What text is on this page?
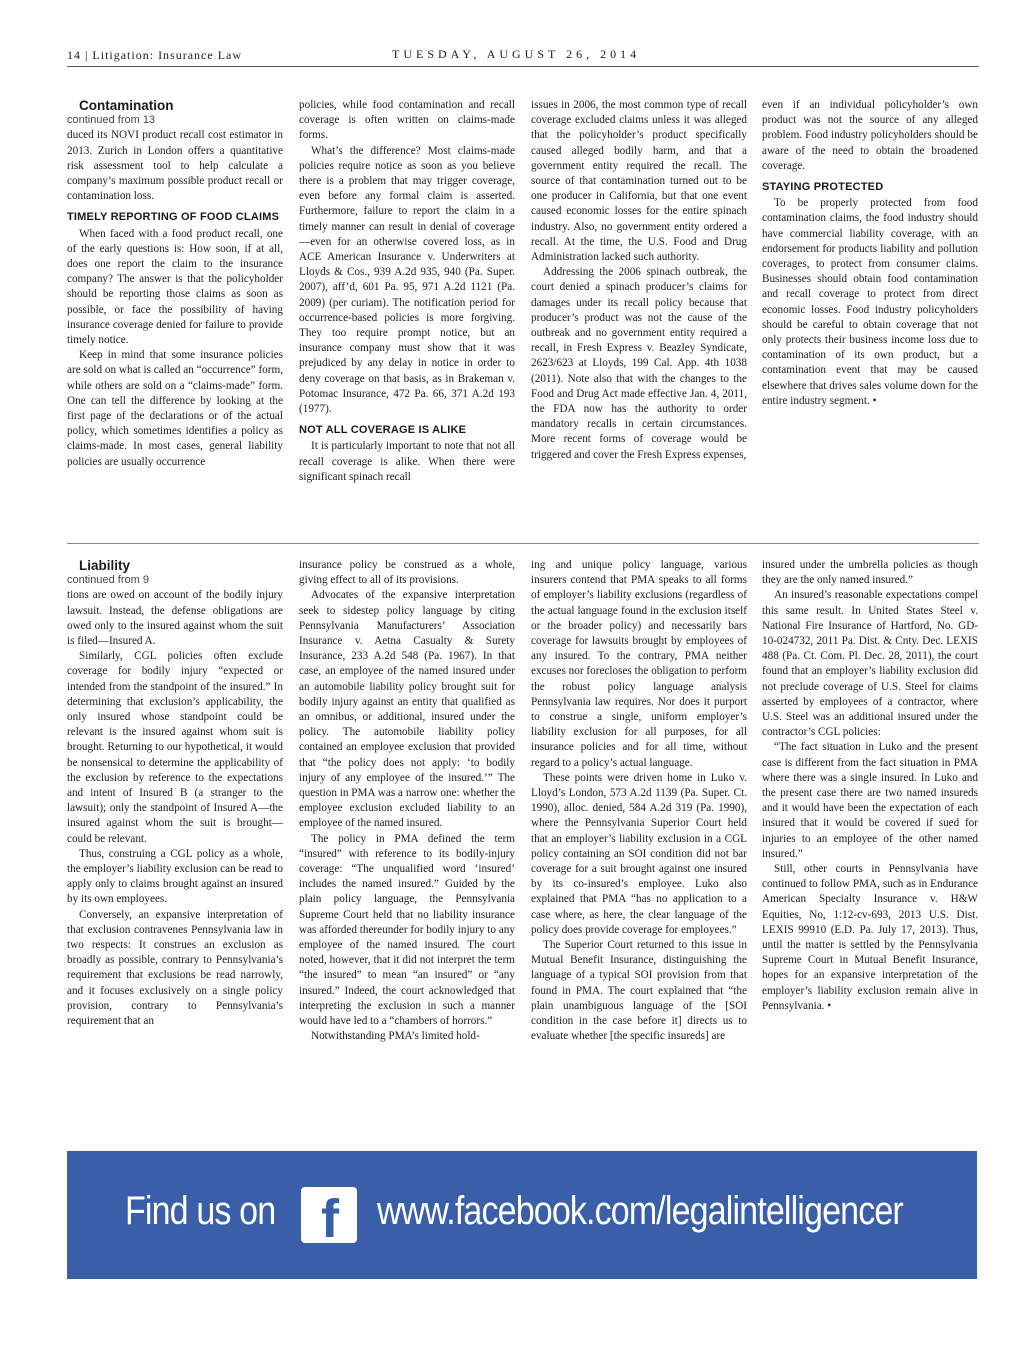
14 | Litigation: Insurance Law	TUESDAY, AUGUST 26, 2014

Contamination

continued from 13

duced its NOVI product recall cost estimator in 2013. Zurich in London offers a quantitative risk assessment tool to help calculate a company’s maximum possible product recall or contamination loss.

TIMELY REPORTING OF FOOD CLAIMS

When faced with a food product recall, one of the early questions is: How soon, if at all, does one report the claim to the insurance company? The answer is that the policyholder should be reporting those claims as soon as possible, or face the possibility of having insurance coverage denied for failure to provide timely notice.

Keep in mind that some insurance policies are sold on what is called an “occurrence” form, while others are sold on a “claims-made” form. One can tell the difference by looking at the first page of the declarations or of the actual policy, which sometimes identifies a policy as claims-made. In most cases, general liability policies are usually occurrence

policies, while food contamination and recall coverage is often written on claims-made forms.

What’s the difference? Most claims-made policies require notice as soon as you believe there is a problem that may trigger coverage, even before any formal claim is asserted. Furthermore, failure to report the claim in a timely manner can result in denial of coverage—even for an otherwise covered loss, as in ACE American Insurance v. Underwriters at Lloyds & Cos., 939 A.2d 935, 940 (Pa. Super. 2007), aff’d, 601 Pa. 95, 971 A.2d 1121 (Pa. 2009) (per curiam). The notification period for occurrence-based policies is more forgiving. They too require prompt notice, but an insurance company must show that it was prejudiced by any delay in notice in order to deny coverage on that basis, as in Brakeman v. Potomac Insurance, 472 Pa. 66, 371 A.2d 193 (1977).

NOT ALL COVERAGE IS ALIKE

It is particularly important to note that not all recall coverage is alike. When there were significant spinach recall

issues in 2006, the most common type of recall coverage excluded claims unless it was alleged that the policyholder’s product specifically caused alleged bodily harm, and that a government entity required the recall. The source of that contamination turned out to be one producer in California, but that one event caused economic losses for the entire spinach industry. Also, no government entity ordered a recall. At the time, the U.S. Food and Drug Administration lacked such authority.

Addressing the 2006 spinach outbreak, the court denied a spinach producer’s claims for damages under its recall policy because that producer’s product was not the cause of the outbreak and no government entity required a recall, in Fresh Express v. Beazley Syndicate, 2623/623 at Lloyds, 199 Cal. App. 4th 1038 (2011). Note also that with the changes to the Food and Drug Act made effective Jan. 4, 2011, the FDA now has the authority to order mandatory recalls in certain circumstances. More recent forms of coverage would be triggered and cover the Fresh Express expenses,

even if an individual policyholder’s own product was not the source of any alleged problem. Food industry policyholders should be aware of the need to obtain the broadened coverage.

STAYING PROTECTED

To be properly protected from food contamination claims, the food industry should have commercial liability coverage, with an endorsement for products liability and pollution coverages, to protect from consumer claims. Businesses should obtain food contamination and recall coverage to protect from direct economic losses. Food industry policyholders should be careful to obtain coverage that not only protects their business income loss due to contamination of its own product, but a contamination event that may be caused elsewhere that drives sales volume down for the entire industry segment. •

Liability

continued from 9

tions are owed on account of the bodily injury lawsuit. Instead, the defense obligations are owed only to the insured against whom the suit is filed—Insured A.

Similarly, CGL policies often exclude coverage for bodily injury “expected or intended from the standpoint of the insured.” In determining that exclusion’s applicability, the only insured whose standpoint could be relevant is the insured against whom suit is brought. Returning to our hypothetical, it would be nonsensical to determine the applicability of the exclusion by reference to the expectations and intent of Insured B (a stranger to the lawsuit); only the standpoint of Insured A—the insured against whom the suit is brought—could be relevant.

Thus, construing a CGL policy as a whole, the employer’s liability exclusion can be read to apply only to claims brought against an insured by its own employees.

Conversely, an expansive interpretation of that exclusion contravenes Pennsylvania law in two respects: It construes an exclusion as broadly as possible, contrary to Pennsylvania’s requirement that exclusions be read narrowly, and it focuses exclusively on a single policy provision, contrary to Pennsylvania’s requirement that an

insurance policy be construed as a whole, giving effect to all of its provisions.

Advocates of the expansive interpretation seek to sidestep policy language by citing Pennsylvania Manufacturers’ Association Insurance v. Aetna Casualty & Surety Insurance, 233 A.2d 548 (Pa. 1967). In that case, an employee of the named insured under an automobile liability policy brought suit for bodily injury against an entity that qualified as an omnibus, or additional, insured under the policy. The automobile liability policy contained an employee exclusion that provided that “the policy does not apply: ‘to bodily injury of any employee of the insured.’” The question in PMA was a narrow one: whether the employee exclusion excluded liability to an employee of the named insured.

The policy in PMA defined the term “insured” with reference to its bodily-injury coverage: “The unqualified word ‘insured’ includes the named insured.” Guided by the plain policy language, the Pennsylvania Supreme Court held that no liability insurance was afforded thereunder for bodily injury to any employee of the named insured. The court noted, however, that it did not interpret the term “the insured” to mean “an insured” or “any insured.” Indeed, the court acknowledged that interpreting the exclusion in such a manner would have led to a “chambers of horrors.”

Notwithstanding PMA’s limited hold-

ing and unique policy language, various insurers contend that PMA speaks to all forms of employer’s liability exclusions (regardless of the actual language found in the exclusion itself or the broader policy) and necessarily bars coverage for lawsuits brought by employees of any insured. To the contrary, PMA neither excuses nor forecloses the obligation to perform the robust policy language analysis Pennsylvania law requires. Nor does it purport to construe a single, uniform employer’s liability exclusion for all purposes, for all insurance policies and for all time, without regard to a policy’s actual language.

These points were driven home in Luko v. Lloyd’s London, 573 A.2d 1139 (Pa. Super. Ct. 1990), alloc. denied, 584 A.2d 319 (Pa. 1990), where the Pennsylvania Superior Court held that an employer’s liability exclusion in a CGL policy containing an SOI condition did not bar coverage for a suit brought against one insured by its co-insured’s employee. Luko also explained that PMA “has no application to a case where, as here, the clear language of the policy does provide coverage for employees.”

The Superior Court returned to this issue in Mutual Benefit Insurance, distinguishing the language of a typical SOI provision from that found in PMA. The court explained that “the plain unambiguous language of the [SOI condition in the case before it] directs us to evaluate whether [the specific insureds] are

insured under the umbrella policies as though they are the only named insured.”

An insured’s reasonable expectations compel this same result. In United States Steel v. National Fire Insurance of Hartford, No. GD-10-024732, 2011 Pa. Dist. & Cnty. Dec. LEXIS 488 (Pa. Ct. Com. Pl. Dec. 28, 2011), the court found that an employer’s liability exclusion did not preclude coverage of U.S. Steel for claims asserted by employees of a contractor, where U.S. Steel was an additional insured under the contractor’s CGL policies:

“The fact situation in Luko and the present case is different from the fact situation in PMA where there was a single insured. In Luko and the present case there are two named insureds and it would have been the expectation of each insured that it would be covered if sued for injuries to an employee of the other named insured.”

Still, other courts in Pennsylvania have continued to follow PMA, such as in Endurance American Specialty Insurance v. H&W Equities, No, 1:12-cv-693, 2013 U.S. Dist. LEXIS 99910 (E.D. Pa. July 17, 2013). Thus, until the matter is settled by the Pennsylvania Supreme Court in Mutual Benefit Insurance, hopes for an expansive interpretation of the employer’s liability exclusion remain alive in Pennsylvania. •

Find us on f www.facebook.com/legalintelligencer
